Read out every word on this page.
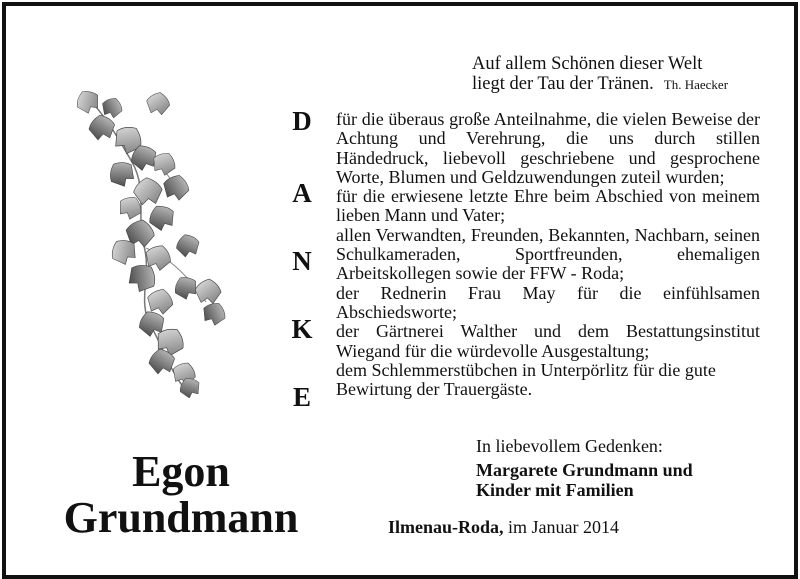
Auf allem Schönen dieser Welt
liegt der Tau der Tränen. Th. Haecker
D
A
N
K
E

für die überaus große Anteilnahme, die vielen Beweise der Achtung und Verehrung, die uns durch stillen Händedruck, liebevoll geschriebene und gesprochene Worte, Blumen und Geldzuwendungen zuteil wurden;

für die erwiesene letzte Ehre beim Abschied von meinem lieben Mann und Vater;

allen Verwandten, Freunden, Bekannten, Nachbarn, seinen Schulkameraden, Sportfreunden, ehemaligen Arbeitskollegen sowie der FFW - Roda;

der Rednerin Frau May für die einfühlsamen Abschiedsworte;

der Gärtnerei Walther und dem Bestattungsinstitut Wiegand für die würdevolle Ausgestaltung;

dem Schlemmerstübchen in Unterpörlitz für die gute Bewirtung der Trauergäste.

In liebevollem Gedenken:
Margarete Grundmann und
Kinder mit Familien
Egon
Grundmann	Ilmenau-Roda, im Januar 2014
